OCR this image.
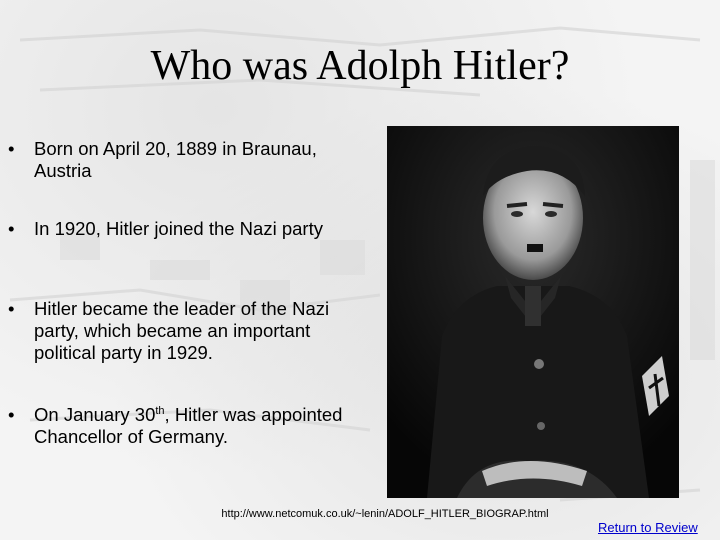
Who was Adolph Hitler?
•	Born on April 20, 1889 in Braunau, Austria
•	In 1920, Hitler joined the Nazi party
•	Hitler became the leader of the Nazi party, which became an important political party in 1929.
•	On January 30th, Hitler was appointed Chancellor of Germany.
http://www.netcomuk.co.uk/~lenin/ADOLF_HITLER_BIOGRAP.html
Return to Review
